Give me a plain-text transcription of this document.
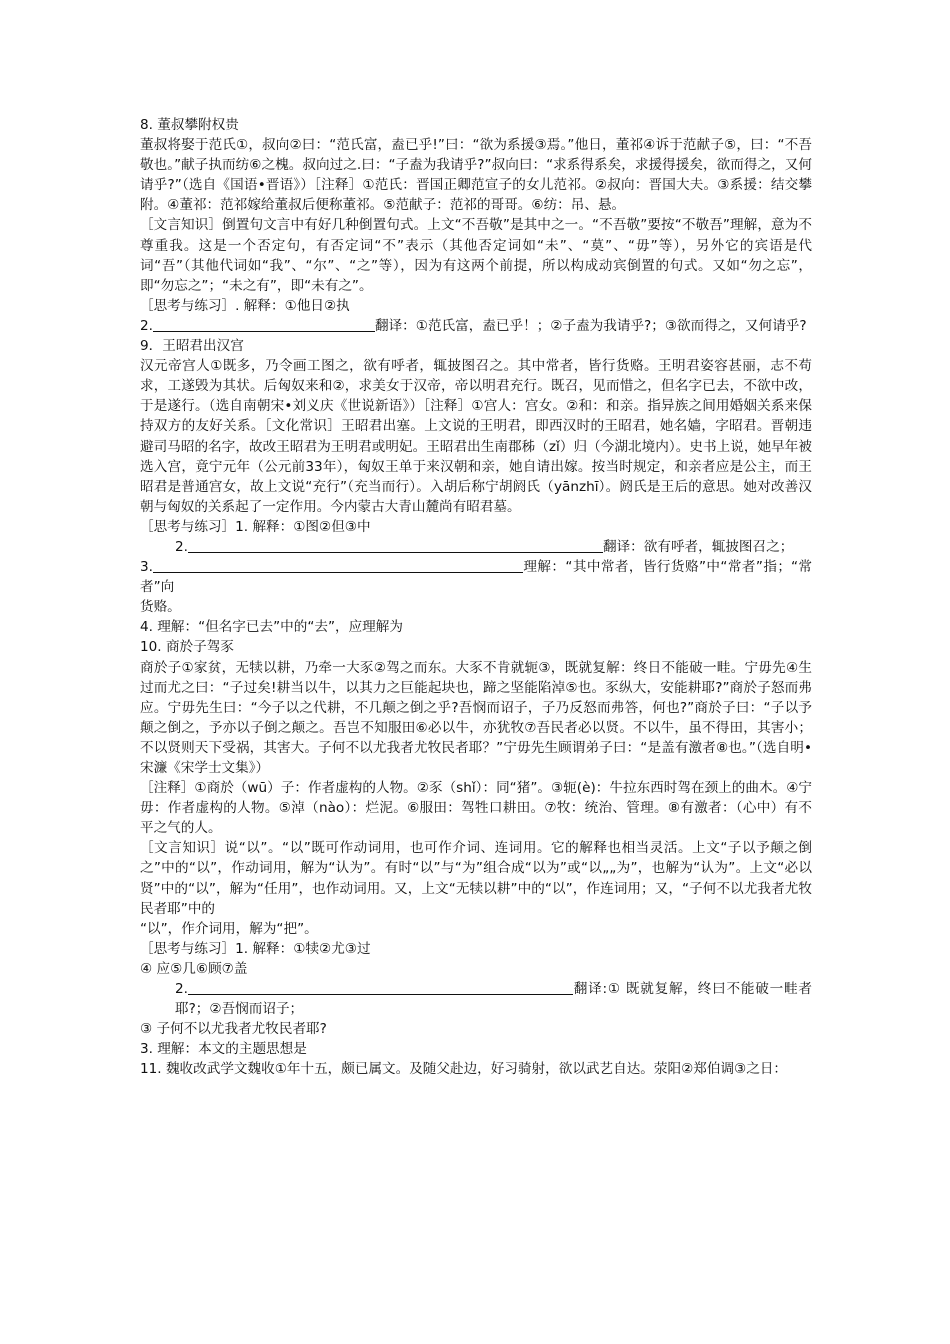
8. 董叔攀附权贵

董叔将娶于范氏①，叔向②曰：“范氏富，盍已乎!”曰：“欲为系援③焉。”他日，董祁④诉于范献子⑤，曰：“不吾敬也。”献子执而纺⑥之槐。叔向过之.曰：“子盍为我请乎?”叔向曰：“求系得系矣，求援得援矣，欲而得之，又何请乎?”（选自《国语•晋语》）［注释］①范氏：晋国正卿范宣子的女儿范祁。②叔向：晋国大夫。③系援：结交攀附。④董祁：范祁嫁给董叔后便称董祁。⑤范献子：范祁的哥哥。⑥纺：吊、悬。

［文言知识］倒置句文言中有好几种倒置句式。上文“不吾敬”是其中之一。“不吾敬”要按“不敬吾”理解，意为不尊重我。这是一个否定句，有否定词“不”表示（其他否定词如“未”、“莫”、“毋”等），另外它的宾语是代词“吾”（其他代词如“我”、“尔”、“之”等），因为有这两个前提，所以构成动宾倒置的句式。又如“勿之忘”，即“勿忘之”；“未之有”，即“未有之”。

［思考与练习］. 解释：①他日②执

2.	翻译：①范氏富，盍已乎！；②子盍为我请乎?；③欲而得之，又何请乎?

9．王昭君出汉宫

汉元帝宫人①既多，乃令画工图之，欲有呼者，辄披图召之。其中常者，皆行货赂。王明君姿容甚丽，志不苟求，工遂毁为其状。后匈奴来和②，求美女于汉帝，帝以明君充行。既召，见而惜之，但名字已去，不欲中改，于是遂行。（选自南朝宋•刘义庆《世说新语》）［注释］①宫人：宫女。②和：和亲。指异族之间用婚姻关系来保持双方的友好关系。［文化常识］王昭君出塞。上文说的王明君，即西汉时的王昭君，她名嫱，字昭君。晋朝违避司马昭的名字，故改王昭君为王明君或明妃。王昭君出生南郡秭（zǐ）归（今湖北境内）。史书上说，她早年被选入宫，竟宁元年（公元前33年），匈奴王单于来汉朝和亲，她自请出嫁。按当时规定，和亲者应是公主，而王昭君是普通宫女，故上文说“充行”（充当而行）。入胡后称宁胡阏氏（yānzhī）。阏氏是王后的意思。她对改善汉朝与匈奴的关系起了一定作用。今内蒙古大青山麓尚有昭君墓。

［思考与练习］1. 解释：①图②但③中

2.	翻译：欲有呼者，辄披图召之；

3.	理解：“其中常者，皆行货赂”中“常者”指；“常者”向

货赂。

4. 理解：“但名字已去”中的“去”，应理解为

10. 商於子驾豕

商於子①家贫，无犊以耕，乃牵一大豕②驾之而东。大豕不肯就轭③，既就复解：终日不能破一畦。宁毋先④生过而尤之曰：“子过矣!耕当以牛，以其力之巨能起块也，蹄之坚能陷淖⑤也。豕纵大，安能耕耶?”商於子怒而弗应。宁毋先生曰：“今子以之代耕，不几颠之倒之乎?吾悯而诏子，子乃反怒而弗答，何也?”商於子曰：“子以予颠之倒之，予亦以子倒之颠之。吾岂不知服田⑥必以牛，亦犹牧⑦吾民者必以贤。不以牛，虽不得田，其害小；不以贤则天下受祸，其害大。子何不以尤我者尤牧民者耶？”宁毋先生顾谓弟子曰：“是盖有激者⑧也。”（选自明•宋濂《宋学士文集》）

［注释］①商於（wū）子：作者虚构的人物。②豕（shǐ）：同“猪”。③轭(è)：牛拉东西时驾在颈上的曲木。④宁毋：作者虚构的人物。⑤淖（nào）：烂泥。⑥服田：驾牲口耕田。⑦牧：统治、管理。⑧有激者：（心中）有不平之气的人。

［文言知识］说“以”。“以”既可作动词用，也可作介词、连词用。它的解释也相当灵活。上文“子以予颠之倒之”中的“以”，作动词用，解为“认为”。有时“以”与“为”组合成“以为”或“以„„为”，也解为“认为”。上文“必以贤”中的“以”，解为“任用”，也作动词用。又，上文“无犊以耕”中的“以”，作连词用；又，“子何不以尤我者尤牧民者耶”中的

“以”，作介词用，解为“把”。

［思考与练习］1. 解释：①犊②尤③过

④ 应⑤几⑥顾⑦盖

2.	翻译:① 既就复解，终曰不能破一畦者耶?；②吾悯而诏子；

③ 子何不以尤我者尤牧民者耶?

3. 理解：本文的主题思想是

11. 魏收改武学文魏收①年十五，颇已属文。及随父赴边，好习骑射，欲以武艺自达。荥阳②郑伯调③之日：
